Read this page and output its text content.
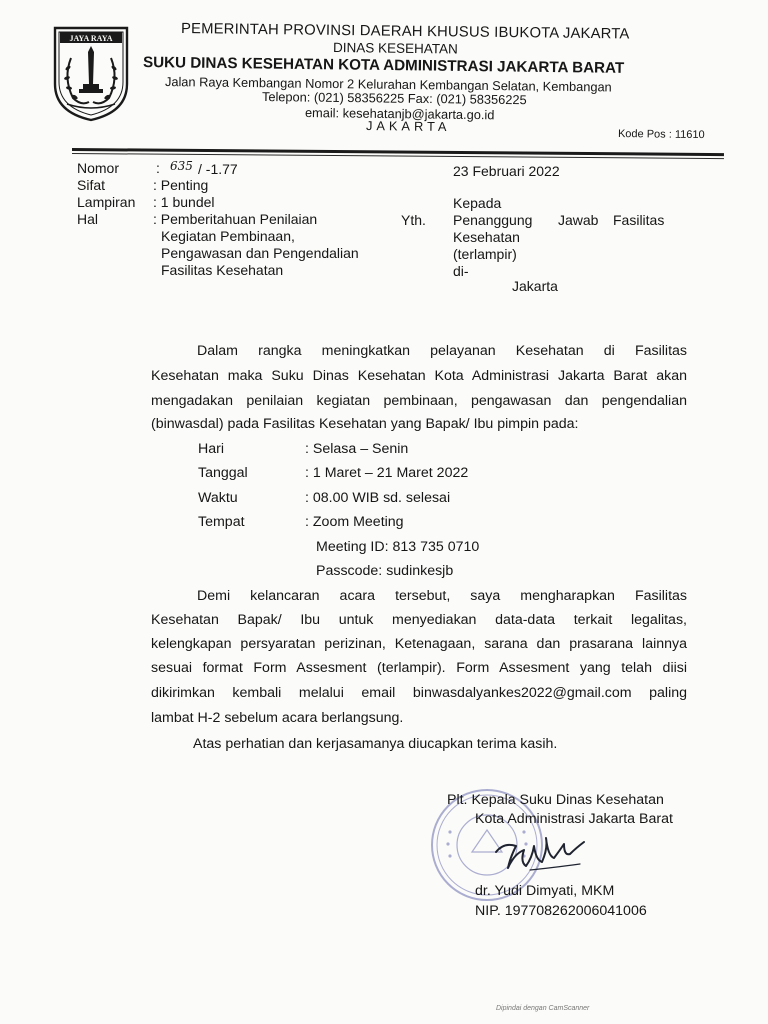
JAYA RAYA	PEMERINTAH PROVINSI DAERAH KHUSUS IBUKOTA JAKARTA
DINAS KESEHATAN
SUKU DINAS KESEHATAN KOTA ADMINISTRASI JAKARTA BARAT
Jalan Raya Kembangan Nomor 2 Kelurahan Kembangan Selatan, Kembangan
Telepon: (021) 58356225 Fax: (021) 58356225
email: kesehatanjb@jakarta.go.id
JAKARTA
Kode Pos : 11610
Nomor	: 635 / -1.77
Sifat	: Penting
Lampiran : 1 bundel
Hal	: Pemberitahuan Penilaian
Kegiatan Pembinaan,
Pengawasan dan Pengendalian
Fasilitas Kesehatan
23 Februari 2022
Kepada
Yth. Penanggung Jawab Fasilitas
Kesehatan
(terlampir)
di-
Jakarta
Dalam rangka meningkatkan pelayanan Kesehatan di Fasilitas
Kesehatan maka Suku Dinas Kesehatan Kota Administrasi Jakarta Barat akan
mengadakan penilaian kegiatan pembinaan, pengawasan dan pengendalian
(binwasdal) pada Fasilitas Kesehatan yang Bapak/ Ibu pimpin pada:
Hari	: Selasa – Senin
Tanggal	: 1 Maret – 21 Maret 2022
Waktu	: 08.00 WIB sd. selesai
Tempat	: Zoom Meeting
Meeting ID: 813 735 0710
Passcode: sudinkesjb
Demi kelancaran acara tersebut, saya mengharapkan Fasilitas
Kesehatan Bapak/ Ibu untuk menyediakan data-data terkait legalitas,
kelengkapan persyaratan perizinan, Ketenagaan, sarana dan prasarana lainnya
sesuai format Form Assesment (terlampir). Form Assesment yang telah diisi
dikirimkan kembali melalui email binwasdalyankes2022@gmail.com paling
lambat H-2 sebelum acara berlangsung.
Atas perhatian dan kerjasamanya diucapkan terima kasih.
Plt. Kepala Suku Dinas Kesehatan
Kota Administrasi Jakarta Barat
dr. Yudi Dimyati, MKM
NIP. 197708262006041006
Dipindai dengan CamScanner
